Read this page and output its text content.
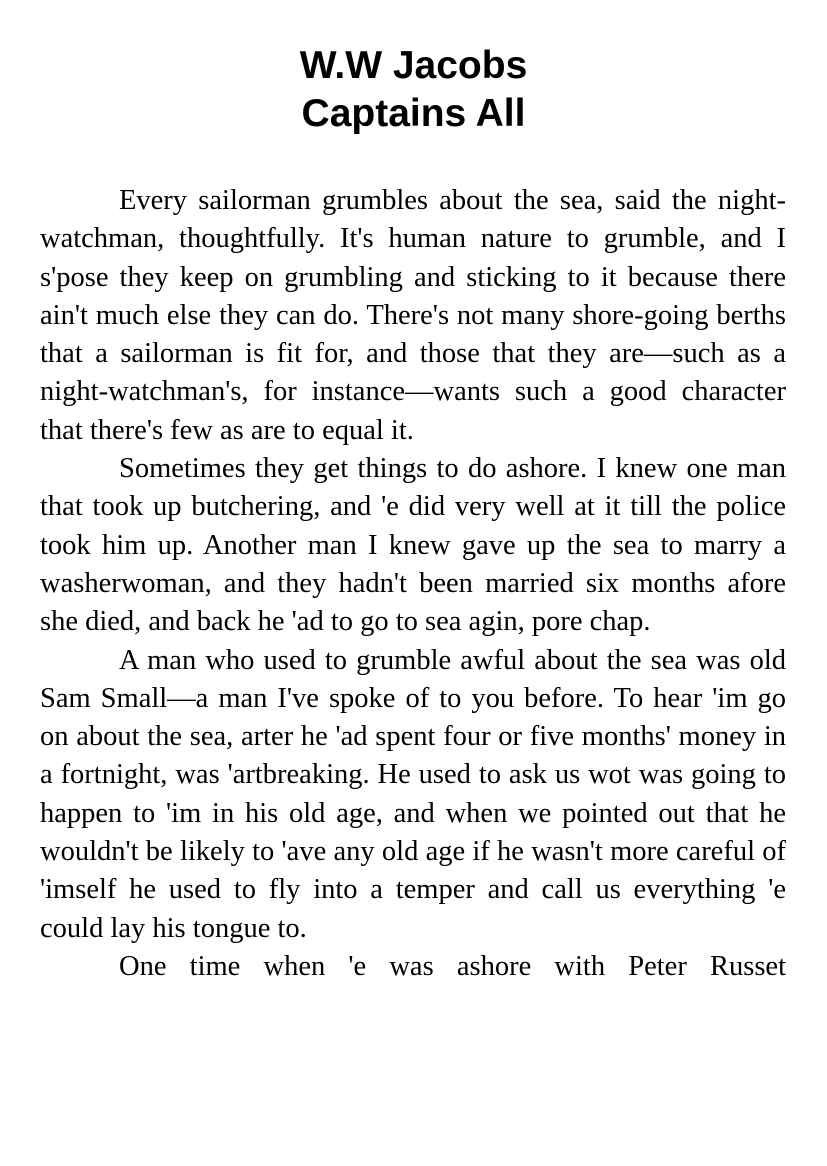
W.W Jacobs
Captains All

Every sailorman grumbles about the sea, said the night-watchman, thoughtfully. It's human nature to grumble, and I s'pose they keep on grumbling and sticking to it because there ain't much else they can do. There's not many shore-going berths that a sailorman is fit for, and those that they are—such as a night-watchman's, for instance—wants such a good character that there's few as are to equal it.

Sometimes they get things to do ashore. I knew one man that took up butchering, and 'e did very well at it till the police took him up. Another man I knew gave up the sea to marry a washerwoman, and they hadn't been married six months afore she died, and back he 'ad to go to sea agin, pore chap.

A man who used to grumble awful about the sea was old Sam Small—a man I've spoke of to you before. To hear 'im go on about the sea, arter he 'ad spent four or five months' money in a fortnight, was 'artbreaking. He used to ask us wot was going to happen to 'im in his old age, and when we pointed out that he wouldn't be likely to 'ave any old age if he wasn't more careful of 'imself he used to fly into a temper and call us everything 'e could lay his tongue to.

One time when 'e was ashore with Peter Russet
